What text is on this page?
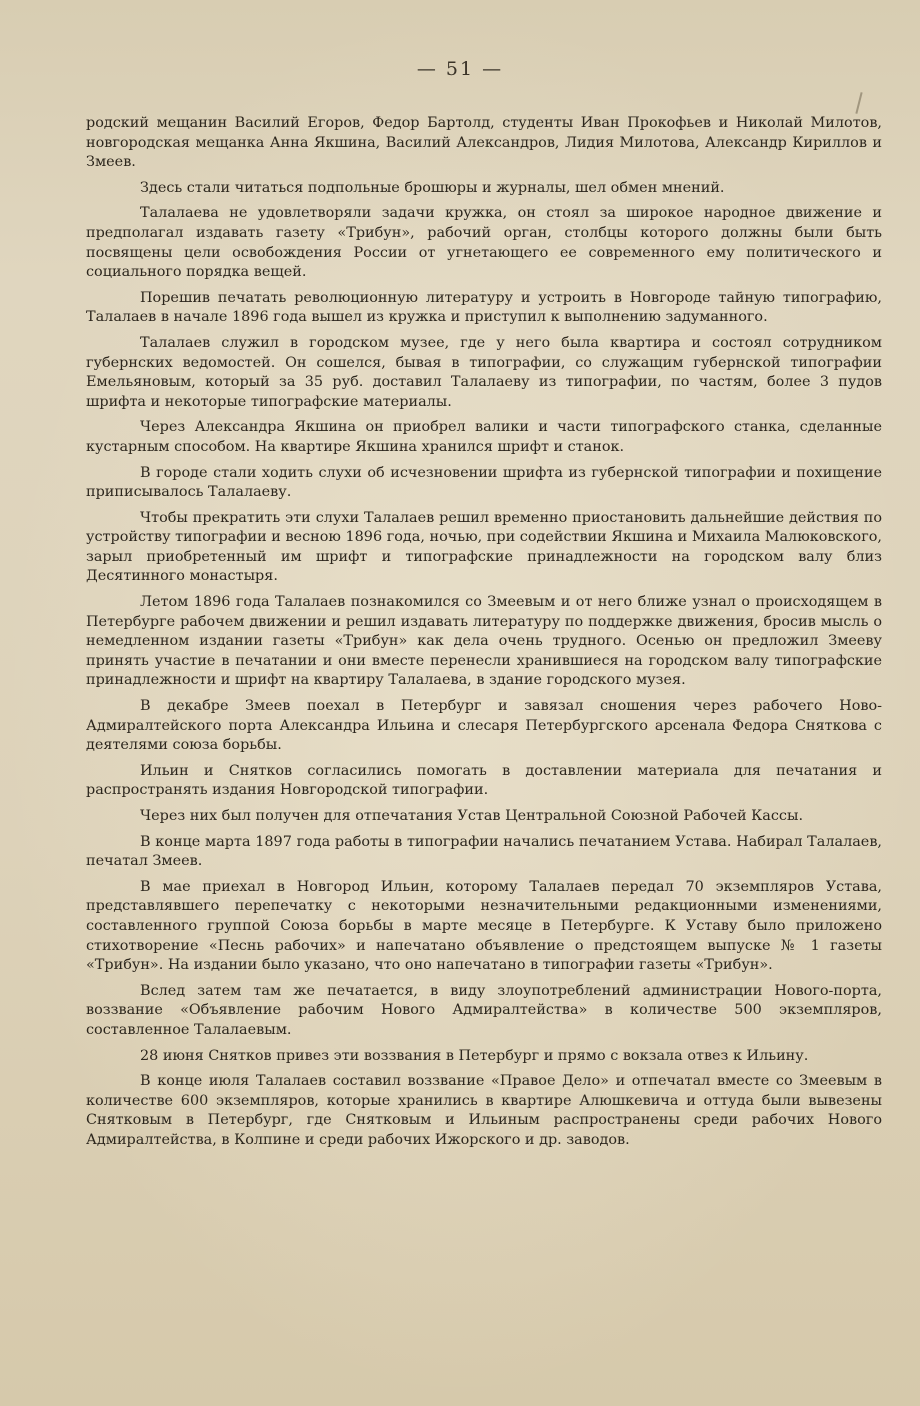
— 51 —

родский мещанин Василий Егоров, Федор Бартолд, студенты Иван Прокофьев и Николай Милотов, новгородская мещанка Анна Якшина, Василий Александров, Лидия Милотова, Александр Кириллов и Змеев.

Здесь стали читаться подпольные брошюры и журналы, шел обмен мнений.

Талалаева не удовлетворяли задачи кружка, он стоял за широкое народное движение и предполагал издавать газету «Трибун», рабочий орган, столбцы которого должны были быть посвящены цели освобождения России от угнетающего ее современного ему политического и социального порядка вещей.

Порешив печатать революционную литературу и устроить в Новгороде тайную типографию, Талалаев в начале 1896 года вышел из кружка и приступил к выполнению задуманного.

Талалаев служил в городском музее, где у него была квартира и состоял сотрудником губернских ведомостей. Он сошелся, бывая в типографии, со служащим губернской типографии Емельяновым, который за 35 руб. доставил Талалаеву из типографии, по частям, более 3 пудов шрифта и некоторые типографские материалы.

Через Александра Якшина он приобрел валики и части типографского станка, сделанные кустарным способом. На квартире Якшина хранился шрифт и станок.

В городе стали ходить слухи об исчезновении шрифта из губернской типографии и похищение приписывалось Талалаеву.

Чтобы прекратить эти слухи Талалаев решил временно приостановить дальнейшие действия по устройству типографии и весною 1896 года, ночью, при содействии Якшина и Михаила Малюковского, зарыл приобретенный им шрифт и типографские принадлежности на городском валу близ Десятинного монастыря.

Летом 1896 года Талалаев познакомился со Змеевым и от него ближе узнал о происходящем в Петербурге рабочем движении и решил издавать литературу по поддержке движения, бросив мысль о немедленном издании газеты «Трибун» как дела очень трудного. Осенью он предложил Змееву принять участие в печатании и они вместе перенесли хранившиеся на городском валу типографские принадлежности и шрифт на квартиру Талалаева, в здание городского музея.

В декабре Змеев поехал в Петербург и завязал сношения через рабочего Ново-Адмиралтейского порта Александра Ильина и слесаря Петербургского арсенала Федора Сняткова с деятелями союза борьбы.

Ильин и Снятков согласились помогать в доставлении материала для печатания и распространять издания Новгородской типографии.

Через них был получен для отпечатания Устав Центральной Союзной Рабочей Кассы.

В конце марта 1897 года работы в типографии начались печатанием Устава. Набирал Талалаев, печатал Змеев.

В мае приехал в Новгород Ильин, которому Талалаев передал 70 экземпляров Устава, представлявшего перепечатку с некоторыми незначительными редакционными изменениями, составленного группой Союза борьбы в марте месяце в Петербурге. К Уставу было приложено стихотворение «Песнь рабочих» и напечатано объявление о предстоящем выпуске № 1 газеты «Трибун». На издании было указано, что оно напечатано в типографии газеты «Трибун».

Вслед затем там же печатается, в виду злоупотреблений администрации Нового-порта, воззвание «Объявление рабочим Нового Адмиралтейства» в количестве 500 экземпляров, составленное Талалаевым.

28 июня Снятков привез эти воззвания в Петербург и прямо с вокзала отвез к Ильину.

В конце июля Талалаев составил воззвание «Правое Дело» и отпечатал вместе со Змеевым в количестве 600 экземпляров, которые хранились в квартире Алюшкевича и оттуда были вывезены Снятковым в Петербург, где Снятковым и Ильиным распространены среди рабочих Нового Адмиралтейства, в Колпине и среди рабочих Ижорского и др. заводов.
